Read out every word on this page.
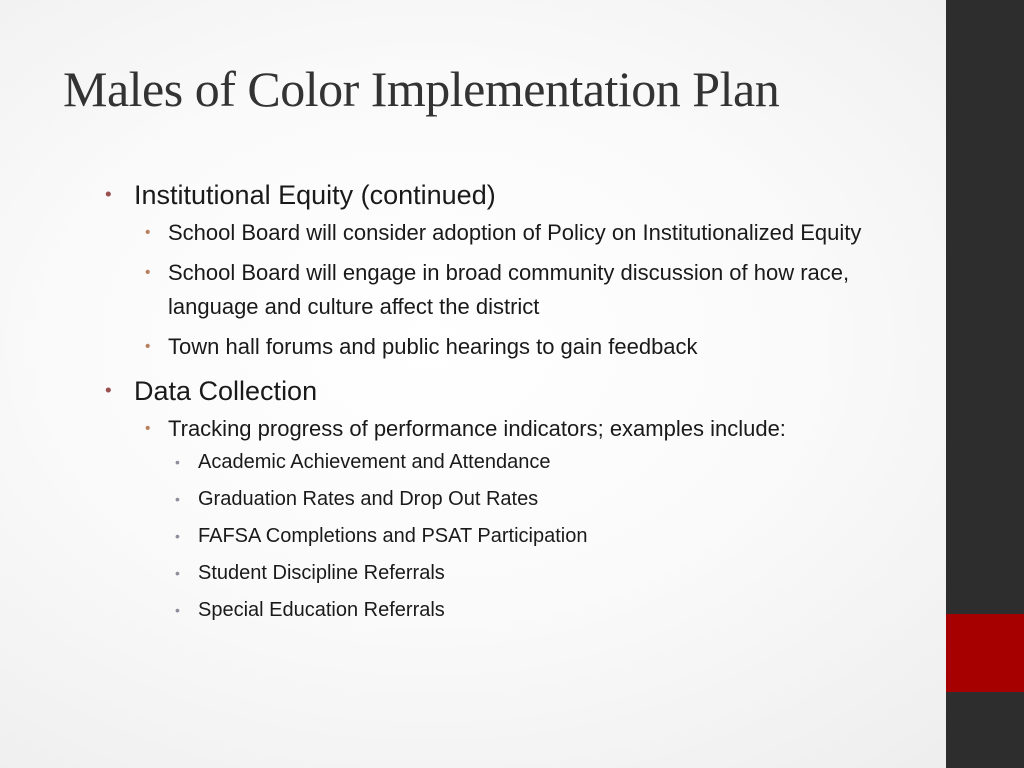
Males of Color Implementation Plan
• Institutional Equity (continued)
• School Board will consider adoption of Policy on Institutionalized Equity
• School Board will engage in broad community discussion of how race, language and culture affect the district
• Town hall forums and public hearings to gain feedback
• Data Collection
• Tracking progress of performance indicators; examples include:
• Academic Achievement and Attendance
• Graduation Rates and Drop Out Rates
• FAFSA Completions and PSAT Participation
• Student Discipline Referrals
• Special Education Referrals
